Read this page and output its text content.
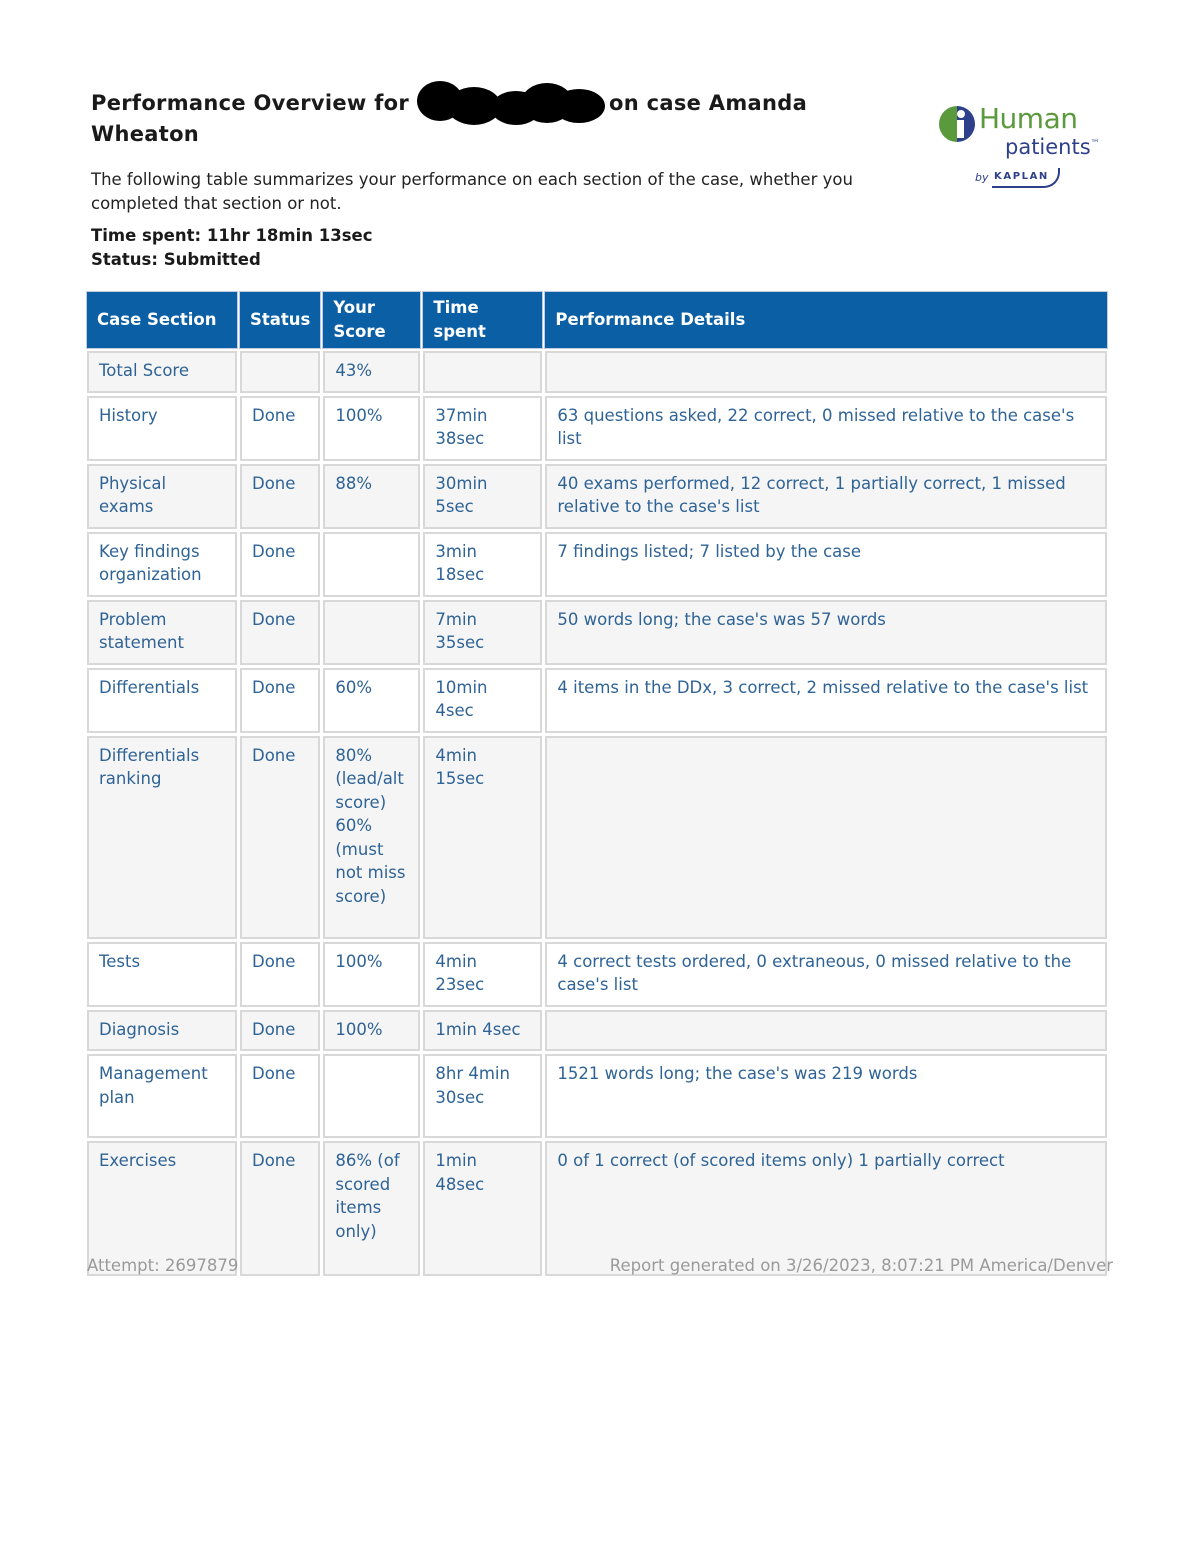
Performance Overview for	on case Amanda Wheaton
The following table summarizes your performance on each section of the case, whether you completed that section or not.
Time spent: 11hr 18min 13sec
Status: Submitted
Human
patients™
by KAPLAN
Case Section	Status	Your Score	Time spent	Performance Details
Total Score		43%		
History	Done	100%	37min 38sec	63 questions asked, 22 correct, 0 missed relative to the case's list
Physical exams	Done	88%	30min 5sec	40 exams performed, 12 correct, 1 partially correct, 1 missed relative to the case's list
Key findings organization	Done		3min 18sec	7 findings listed; 7 listed by the case
Problem statement	Done		7min 35sec	50 words long; the case's was 57 words
Differentials	Done	60%	10min 4sec	4 items in the DDx, 3 correct, 2 missed relative to the case's list
Differentials ranking	Done	80% (lead/alt score) 60% (must not miss score)	4min 15sec	
Tests	Done	100%	4min 23sec	4 correct tests ordered, 0 extraneous, 0 missed relative to the case's list
Diagnosis	Done	100%	1min 4sec	
Management plan	Done		8hr 4min 30sec	1521 words long; the case's was 219 words
Exercises	Done	86% (of scored items only)	1min 48sec	0 of 1 correct (of scored items only) 1 partially correct
Attempt: 2697879	Report generated on 3/26/2023, 8:07:21 PM America/Denver
